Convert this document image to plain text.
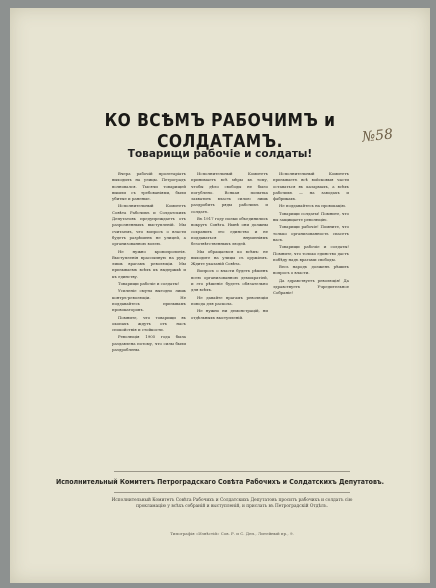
КО ВСѢМЪ РАБОЧИМЪ и СОЛДАТАМЪ.	№58
Товарищи рабочіе и солдаты!

Вчера рабочій пролетаріатъ выходилъ на улицы. Петроградъ волновался. Тысячи товарищей вышли съ требованіями, были убитые и раненые.

Исполнительный Комитетъ Совѣта Рабочихъ и Солдатскихъ Депутатовъ предупреждаетъ отъ разрозненныхъ выступленій. Мы считаемъ, что вопросъ о власти будетъ разрѣшенъ не улицей, а организованною волею.

Не нужно кровопролитія. Выступленія врассыпную на руку лишь врагамъ революціи. Мы призываемъ всѣхъ къ выдержкѣ и къ единству.

Товарищи рабочіе и солдаты!

Усиленіе смуты выгодно лишь контръ-революціи. Не поддавайтесь призывамъ провокаторовъ.

Помните, что товарищи въ окопахъ ждутъ отъ насъ спокойствія и стойкости.

Революція 1905 года была раздавлена потому, что силы были раздроблены.

Исполнительный Комитетъ принимаетъ всѣ мѣры къ тому, чтобы дѣло свободы не было погублено. Всякая попытка захватить власть силою лишь раздробитъ ряды рабочихъ и солдатъ.

Въ 1917 году полки объединились вокругъ Совѣта. Нынѣ они должны сохранить это единство и не поддаваться внушеніямъ безотвѣтственныхъ людей.

Мы обращаемся ко всѣмъ: не выходите на улицы съ оружіемъ. Ждите указаній Совѣта.

Вопросъ о власти будетъ рѣшенъ всею организованною демократіей, и это рѣшеніе будетъ обязательно для всѣхъ.

Не давайте врагамъ революціи повода для раскола.

Не нужно ни демонстрацій, ни отдѣльныхъ выступленій.

Исполнительный Комитетъ призываетъ всѣ войсковыя части оставаться въ казармахъ, а всѣхъ рабочихъ — на заводахъ и фабрикахъ.

Не поддавайтесь на провокацію.

Товарищи солдаты! Помните, что вы защищаете революцію.

Товарищи рабочіе! Помните, что только организованность спасетъ васъ.

Товарищи рабочіе и солдаты! Помните, что только единство дастъ побѣду надъ врагами свободы.

Весь народъ долженъ рѣшить вопросъ о власти.

Да здравствуетъ революція! Да здравствуетъ Учредительное Собраніе!

Исполнительный Комитетъ Петроградскаго Совѣта Рабочихъ и Солдатскихъ Депутатовъ.
Исполнительный Комитетъ Совѣта Рабочихъ и Солдатскихъ Депутатовъ проситъ рабочихъ и солдатъ сію прокламацію у всѣхъ собраній и выступленій, и прислать въ Петроградскій Отдѣлъ.
Типографія «Извѣстій» Сов. Р. и С. Деп., Литейный пр., 9.
